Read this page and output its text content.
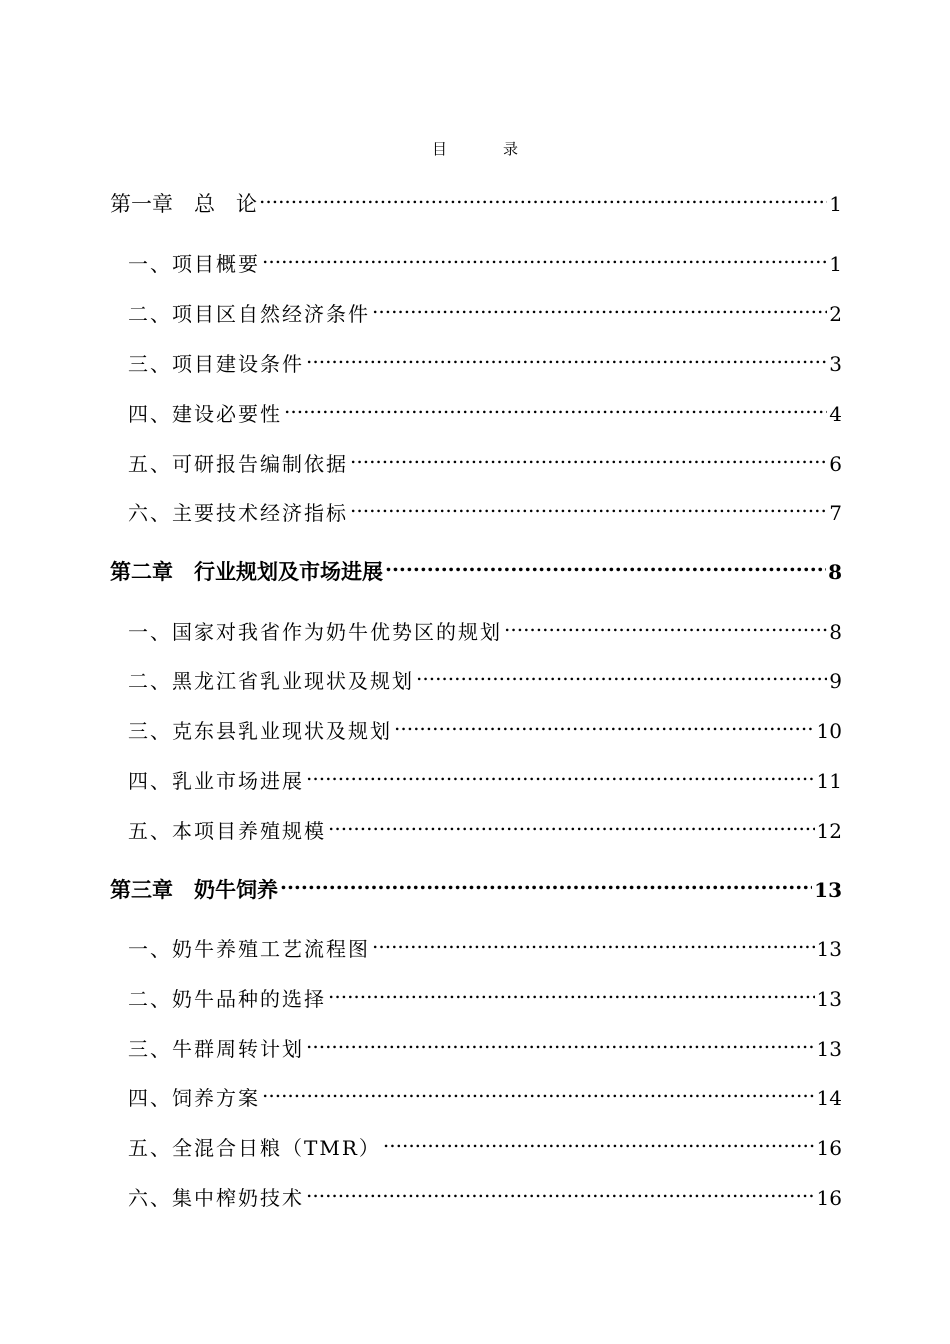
目	录
第一章　总　论 .....	1
一、项目概要 .....	1
二、项目区自然经济条件 .....	2
三、项目建设条件 .....	3
四、建设必要性 .....	4
五、可研报告编制依据 .....	6
六、主要技术经济指标 .....	7
第二章　行业规划及市场进展 .....	8
一、国家对我省作为奶牛优势区的规划 .....	8
二、黑龙江省乳业现状及规划 .....	9
三、克东县乳业现状及规划 .....	10
四、乳业市场进展 .....	11
五、本项目养殖规模 .....	12
第三章　奶牛饲养 .....	13
一、奶牛养殖工艺流程图 .....	13
二、奶牛品种的选择 .....	13
三、牛群周转计划 .....	13
四、饲养方案 .....	14
五、全混合日粮（TMR） .....	16
六、集中榨奶技术 .....	16
